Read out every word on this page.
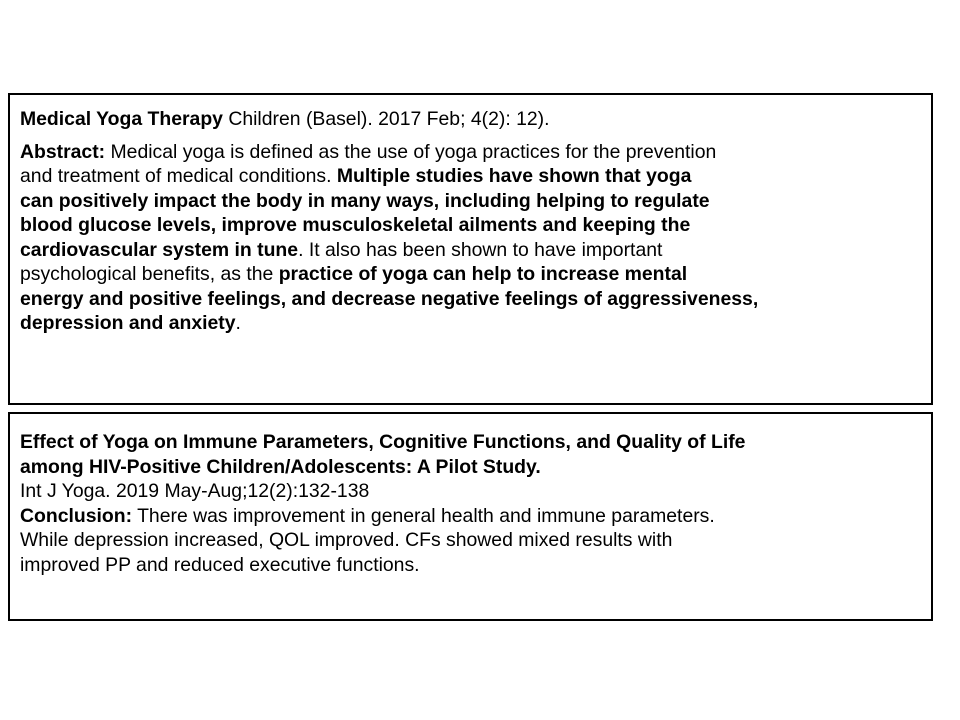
Medical Yoga Therapy Children (Basel). 2017 Feb; 4(2): 12).

Abstract: Medical yoga is defined as the use of yoga practices for the prevention
and treatment of medical conditions. Multiple studies have shown that yoga
can positively impact the body in many ways, including helping to regulate
blood glucose levels, improve musculoskeletal ailments and keeping the
cardiovascular system in tune. It also has been shown to have important
psychological benefits, as the practice of yoga can help to increase mental
energy and positive feelings, and decrease negative feelings of aggressiveness,
depression and anxiety.
Effect of Yoga on Immune Parameters, Cognitive Functions, and Quality of Life
among HIV-Positive Children/Adolescents: A Pilot Study.
Int J Yoga. 2019 May-Aug;12(2):132-138
Conclusion: There was improvement in general health and immune parameters.
While depression increased, QOL improved. CFs showed mixed results with
improved PP and reduced executive functions.
